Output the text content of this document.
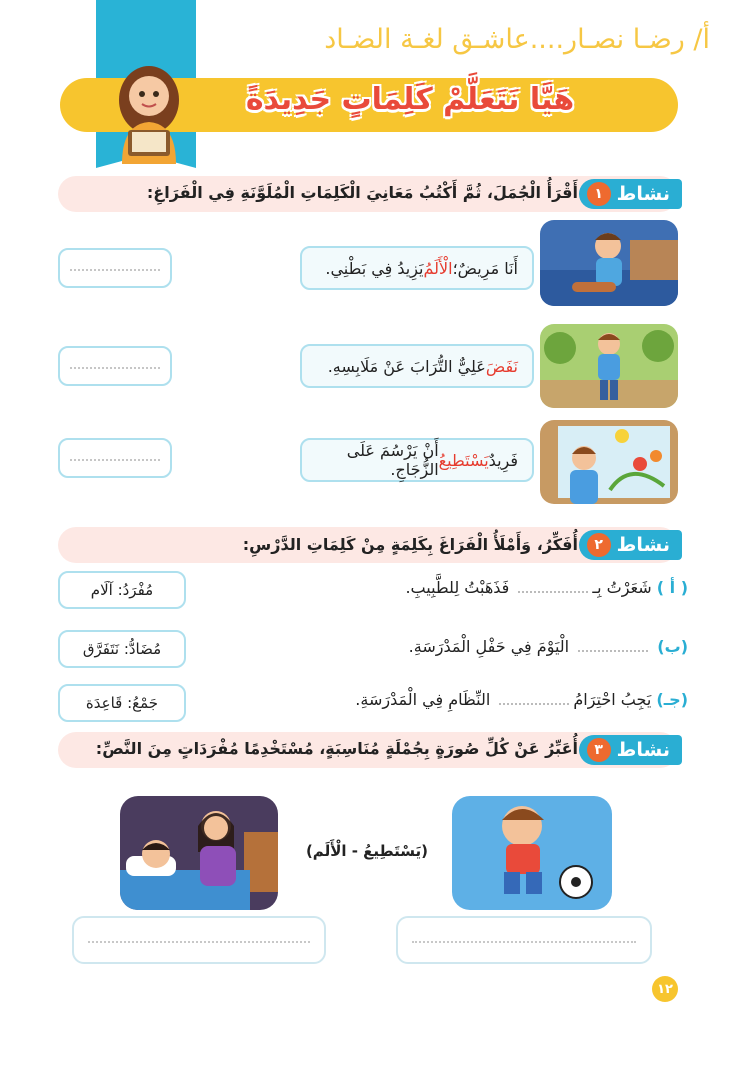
أ/ رضـا نصـار....عاشـق لغـة الضـاد
هَيَّا نَتَعَلَّمْ كَلِمَاتٍ جَدِيدَةً
نشاط
١
أَقْرَأُ الْجُمَلَ، ثُمَّ أَكْتُبُ مَعَانِيَ الْكَلِمَاتِ الْمُلَوَّنَةِ فِي الْفَرَاغِ:
أَنَا مَرِيضٌ؛
الْأَلَمُ
يَزِيدُ فِي بَطْنِي.
نَفَضَ
عَلِيٌّ التُّرَابَ عَنْ مَلَابِسِهِ.
فَرِيدٌ
يَسْتَطِيعُ
أَنْ يَرْسُمَ عَلَى الزُّجَاجِ.
نشاط
٢
أُفَكِّرُ، وَأَمْلَأُ الْفَرَاغَ بِكَلِمَةٍ مِنْ كَلِمَاتِ الدَّرْسِ:
( أ ) شَعَرْتُ بِـ فَذَهَبْتُ لِلطَّبِيبِ.
مُفْرَدُ: آلَام
(ب)  الْيَوْمَ فِي حَفْلِ الْمَدْرَسَةِ.
مُضَادُّ: نَتَفَرَّق
(جـ) يَجِبُ احْتِرَامُ النِّظَامِ فِي الْمَدْرَسَةِ.
جَمْعُ: قَاعِدَة
نشاط
٣
أُعَبِّرُ عَنْ كُلِّ صُورَةٍ بِجُمْلَةٍ مُنَاسِبَةٍ، مُسْتَخْدِمًا مُفْرَدَاتٍ مِنَ النَّصِّ:
(يَسْتَطِيعُ - الْأَلَم)
١٢
